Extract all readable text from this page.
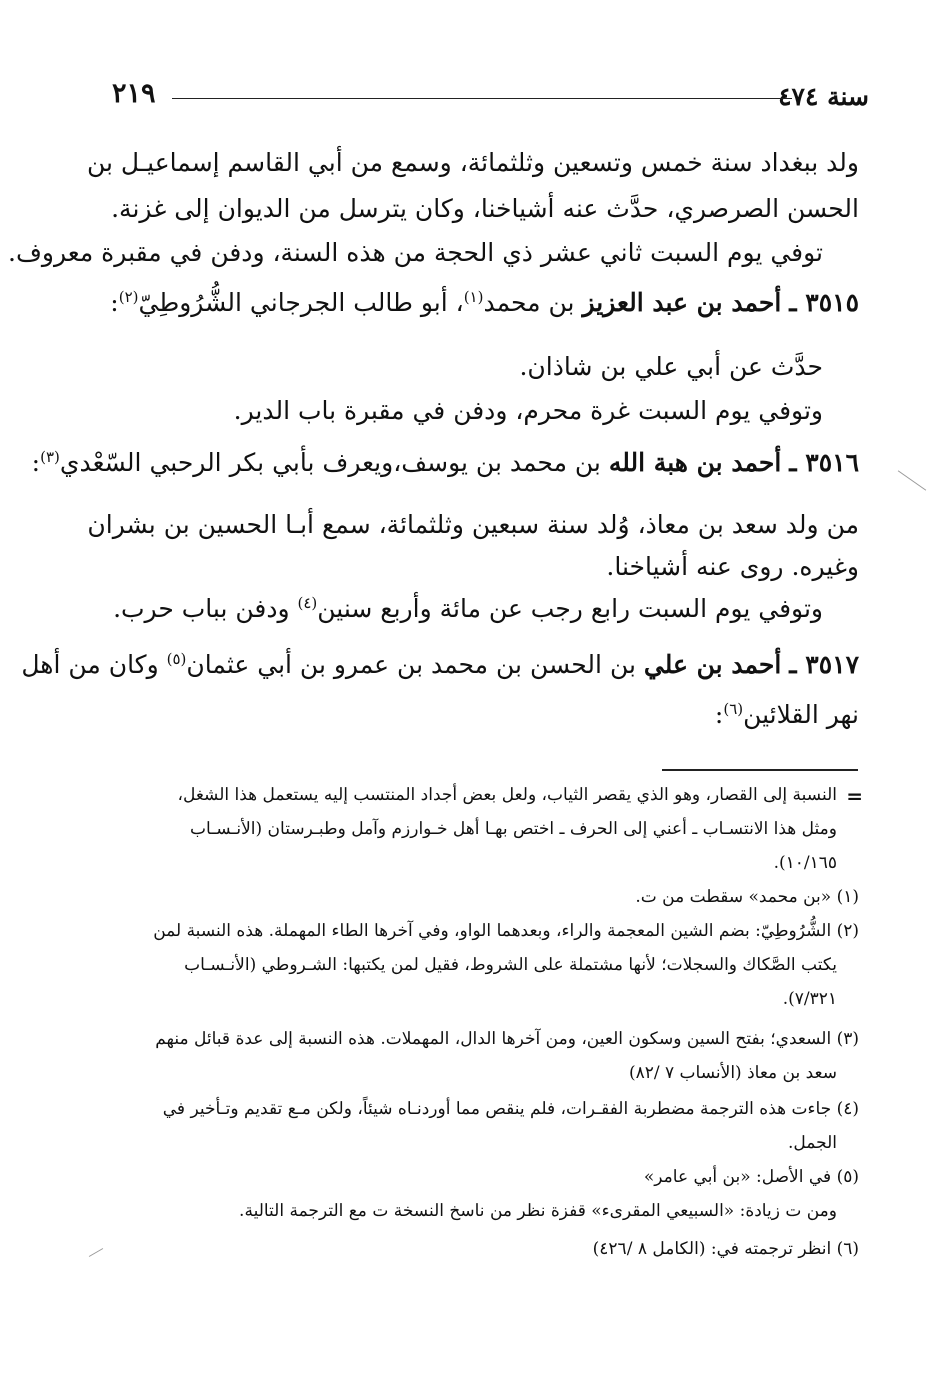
سنة ٤٧٤
٢١٩
ولد ببغداد سنة خمس وتسعين وثلثمائة، وسمع من أبي القاسم إسماعيـل بن
الحسن الصرصري، حدَّث عنه أشياخنا، وكان يترسل من الديوان إلى غزنة.
توفي يوم السبت ثاني عشر ذي الحجة من هذه السنة، ودفن في مقبرة معروف.
٣٥١٥ ـ أحمد بن عبد العزيز بن محمد$^{(١)}$، أبو طالب الجرجاني الشُّرُوطِيّ$^{(٢)}$:
حدَّث عن أبي علي بن شاذان.
وتوفي يوم السبت غرة محرم، ودفن في مقبرة باب الدير.
٣٥١٦ ـ أحمد بن هبة الله بن محمد بن يوسف،ويعرف بأبي بكر الرحبي السّعْدي$^{(٣)}$:
من ولد سعد بن معاذ، وُلد سنة سبعين وثلثمائة، سمع أبـا الحسين بن بشران
وغيره. روى عنه أشياخنا.
وتوفي يوم السبت رابع رجب عن مائة وأربع سنين$^{(٤)}$ ودفن بباب حرب.
٣٥١٧ ـ أحمد بن علي بن الحسن بن محمد بن عمرو بن أبي عثمان$^{(٥)}$ وكان من أهل
نهر القلائين$^{(٦)}$:
=
النسبة إلى القصار، وهو الذي يقصر الثياب، ولعل بعض أجداد المنتسب إليه يستعمل هذا الشغل،
ومثل هذا الانتسـاب ـ أعني إلى الحرف ـ اختص بهـا أهل خـوارزم وآمل وطبـرستان (الأنـسـاب
١٠/١٦٥).
(١) «بن محمد» سقطت من ت.
(٢) الشُّرُوطِيّ: بضم الشين المعجمة والراء، وبعدهما الواو، وفي آخرها الطاء المهملة. هذه النسبة لمن
يكتب الصَّكاك والسجلات؛ لأنها مشتملة على الشروط، فقيل لمن يكتبها: الشـروطي (الأنـسـاب
٧/٣٢١).
(٣) السعدي؛ بفتح السين وسكون العين، ومن آخرها الدال، المهملات. هذه النسبة إلى عدة قبائل منهم
سعد بن معاذ (الأنساب ٧ /٨٢)
(٤) جاءت هذه الترجمة مضطربة الفقـرات، فلم ينقص مما أوردنـاه شيئاً، ولكن مـع تقديم وتـأخير في
الجمل.
(٥) في الأصل: «بن أبي عامر»
ومن ت زيادة: «السبيعي المقرىء» قفزة نظر من ناسخ النسخة ت مع الترجمة التالية.
(٦) انظر ترجمته في: (الكامل ٨ /٤٢٦)
